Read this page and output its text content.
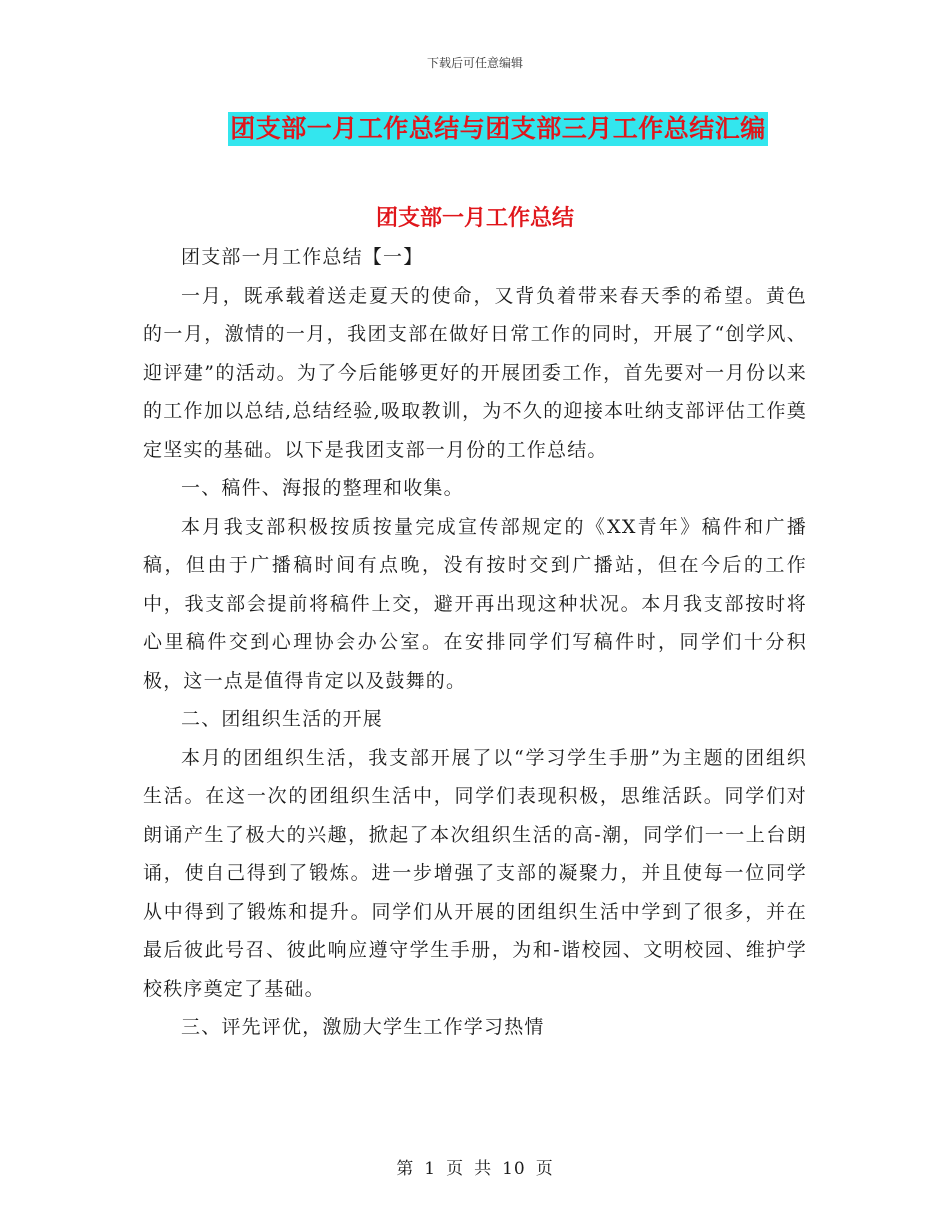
下载后可任意编辑
团支部一月工作总结与团支部三月工作总结汇编
团支部一月工作总结

团支部一月工作总结【一】

一月，既承载着送走夏天的使命，又背负着带来春天季的希望。黄色的一月，激情的一月，我团支部在做好日常工作的同时，开展了“创学风、迎评建”的活动。为了今后能够更好的开展团委工作，首先要对一月份以来的工作加以总结,总结经验,吸取教训，为不久的迎接本吐纳支部评估工作奠定坚实的基础。以下是我团支部一月份的工作总结。

一、稿件、海报的整理和收集。

本月我支部积极按质按量完成宣传部规定的《XX青年》稿件和广播稿，但由于广播稿时间有点晚，没有按时交到广播站，但在今后的工作中，我支部会提前将稿件上交，避开再出现这种状况。本月我支部按时将心里稿件交到心理协会办公室。在安排同学们写稿件时，同学们十分积极，这一点是值得肯定以及鼓舞的。

二、团组织生活的开展

本月的团组织生活，我支部开展了以“学习学生手册”为主题的团组织生活。在这一次的团组织生活中，同学们表现积极，思维活跃。同学们对朗诵产生了极大的兴趣，掀起了本次组织生活的高-潮，同学们一一上台朗诵，使自己得到了锻炼。进一步增强了支部的凝聚力，并且使每一位同学从中得到了锻炼和提升。同学们从开展的团组织生活中学到了很多，并在最后彼此号召、彼此响应遵守学生手册，为和-谐校园、文明校园、维护学校秩序奠定了基础。

三、评先评优，激励大学生工作学习热情

第 1 页 共 10 页
